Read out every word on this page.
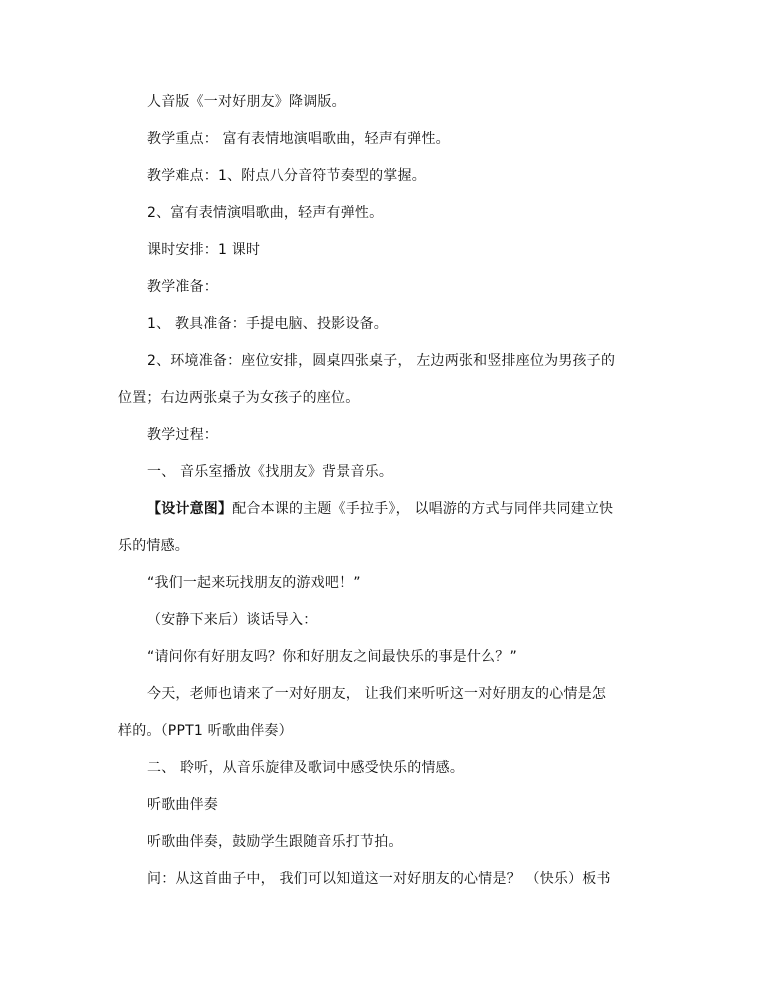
人音版《一对好朋友》降调版。
教学重点： 富有表情地演唱歌曲，轻声有弹性。
教学难点：1、附点八分音符节奏型的掌握。
2、富有表情演唱歌曲，轻声有弹性。
课时安排：1 课时
教学准备：
1、 教具准备：手提电脑、投影设备。
2、环境准备：座位安排，圆桌四张桌子， 左边两张和竖排座位为男孩子的
位置；右边两张桌子为女孩子的座位。
教学过程：
一、 音乐室播放《找朋友》背景音乐。
【设计意图】配合本课的主题《手拉手》， 以唱游的方式与同伴共同建立快
乐的情感。
“我们一起来玩找朋友的游戏吧！”
（安静下来后）谈话导入：
“请问你有好朋友吗？你和好朋友之间最快乐的事是什么？”
今天，老师也请来了一对好朋友， 让我们来听听这一对好朋友的心情是怎
样的。（PPT1 听歌曲伴奏）
二、 聆听，从音乐旋律及歌词中感受快乐的情感。
听歌曲伴奏
听歌曲伴奏，鼓励学生跟随音乐打节拍。
问：从这首曲子中， 我们可以知道这一对好朋友的心情是？ （快乐）板书
